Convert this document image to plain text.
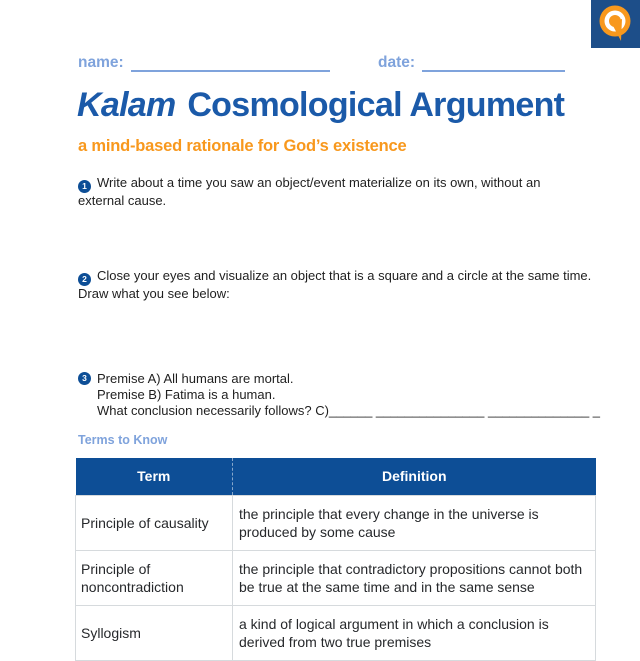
name:	date:
Kalam Cosmological Argument
a mind-based rationale for God’s existence

1 Write about a time you saw an object/event materialize on its own, without an
external cause.

2 Close your eyes and visualize an object that is a square and a circle at the same time.
Draw what you see below:

3 Premise A) All humans are mortal.
Premise B) Fatima is a human.
What conclusion necessarily follows? C)______ _______________ ______________ _
Terms to Know
Term	Definition
Principle of causality	the principle that every change in the universe is produced by some cause
Principle of noncontradiction	the principle that contradictory propositions cannot both be true at the same time and in the same sense
Syllogism	a kind of logical argument in which a conclusion is derived from two true premises
